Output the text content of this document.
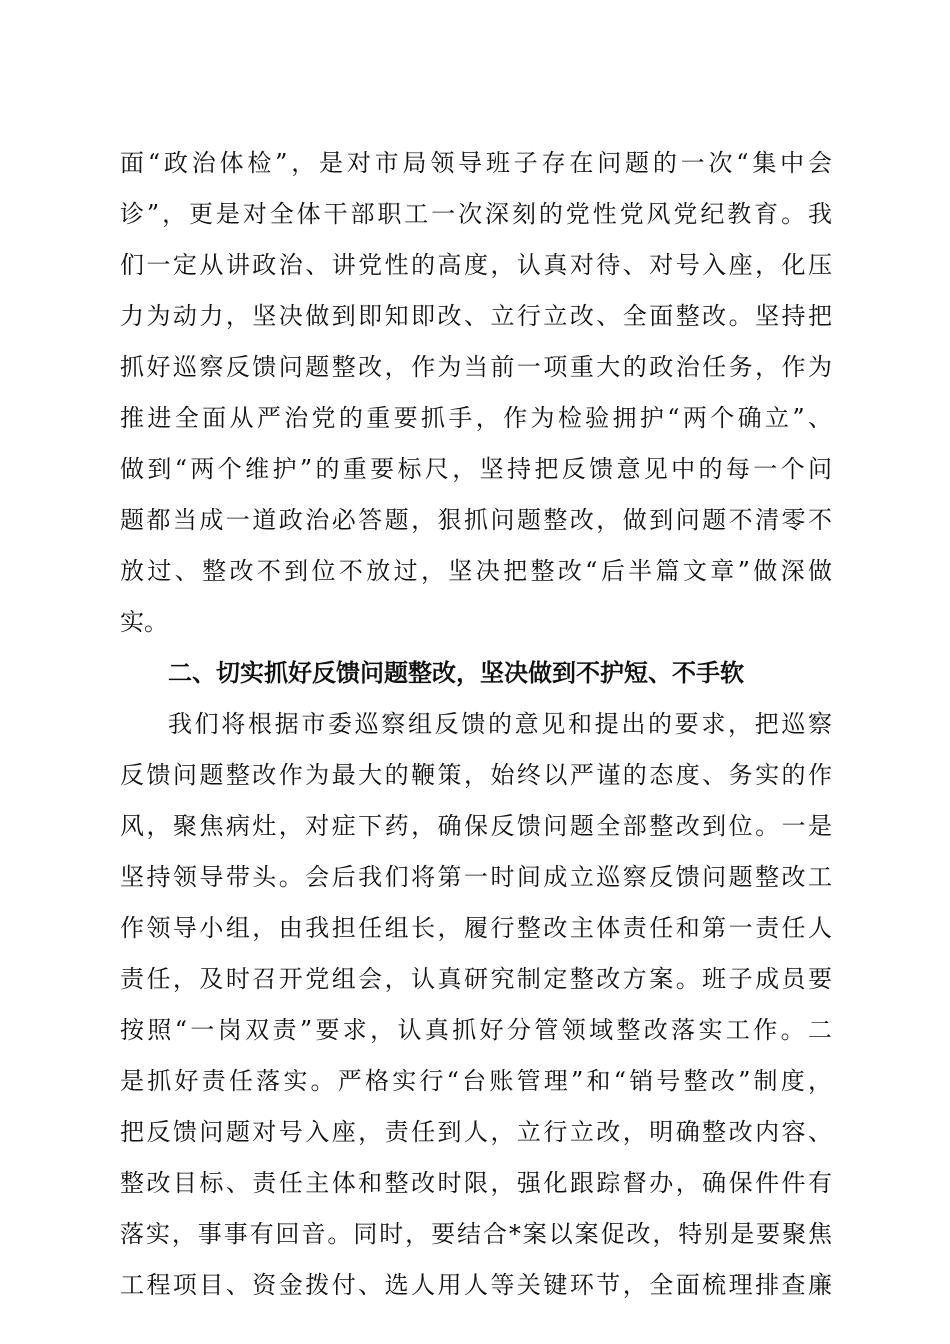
面“政治体检”，是对市局领导班子存在问题的一次“集中会
诊”，更是对全体干部职工一次深刻的党性党风党纪教育。我
们一定从讲政治、讲党性的高度，认真对待、对号入座，化压
力为动力，坚决做到即知即改、立行立改、全面整改。坚持把
抓好巡察反馈问题整改，作为当前一项重大的政治任务，作为
推进全面从严治党的重要抓手，作为检验拥护“两个确立”、
做到“两个维护”的重要标尺，坚持把反馈意见中的每一个问
题都当成一道政治必答题，狠抓问题整改，做到问题不清零不
放过、整改不到位不放过，坚决把整改“后半篇文章”做深做
实。
二、切实抓好反馈问题整改，坚决做到不护短、不手软
我们将根据市委巡察组反馈的意见和提出的要求，把巡察
反馈问题整改作为最大的鞭策，始终以严谨的态度、务实的作
风，聚焦病灶，对症下药，确保反馈问题全部整改到位。一是
坚持领导带头。会后我们将第一时间成立巡察反馈问题整改工
作领导小组，由我担任组长，履行整改主体责任和第一责任人
责任，及时召开党组会，认真研究制定整改方案。班子成员要
按照“一岗双责”要求，认真抓好分管领域整改落实工作。二
是抓好责任落实。严格实行“台账管理”和“销号整改”制度，
把反馈问题对号入座，责任到人，立行立改，明确整改内容、
整改目标、责任主体和整改时限，强化跟踪督办，确保件件有
落实，事事有回音。同时，要结合*案以案促改，特别是要聚焦
工程项目、资金拨付、选人用人等关键环节，全面梳理排查廉
